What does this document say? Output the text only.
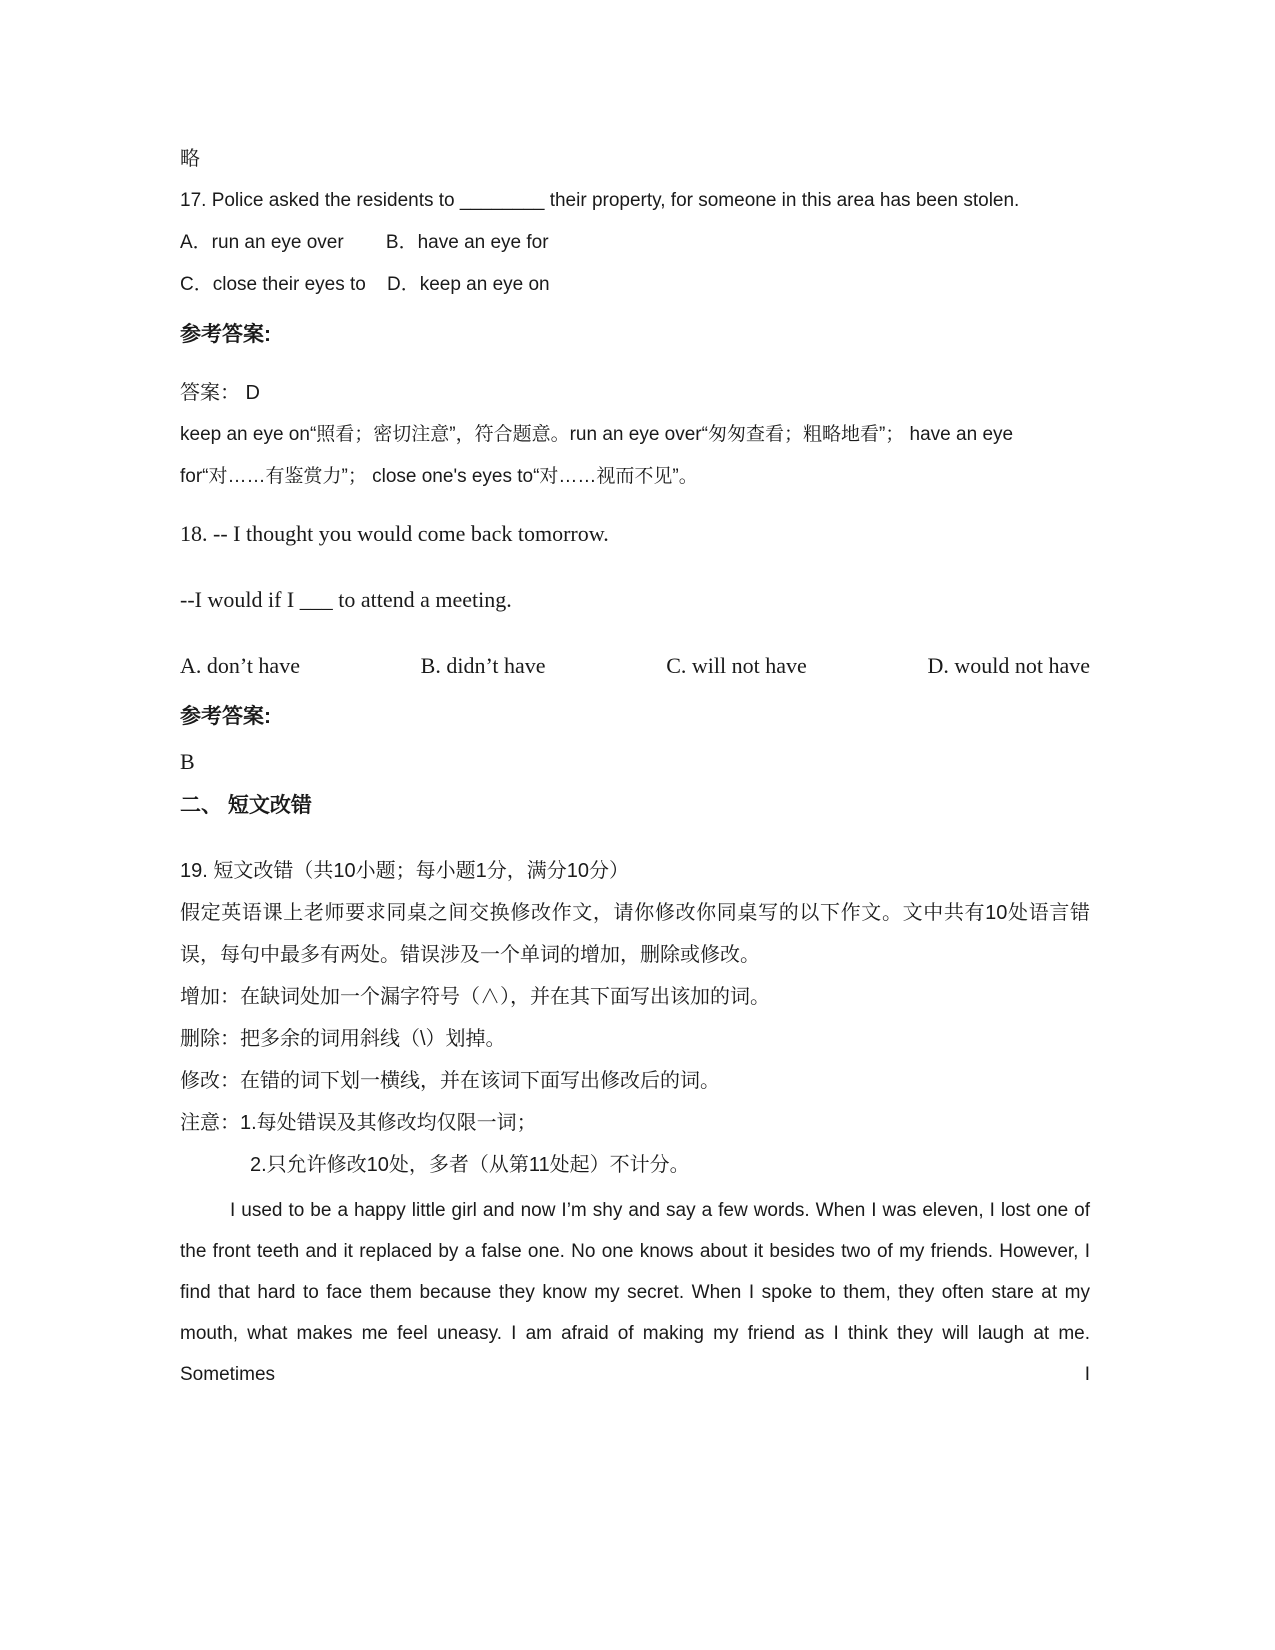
略

17. Police asked the residents to ________ their property, for someone in this area has been stolen.

A．run an eye over        B．have an eye for

C．close their eyes to    D．keep an eye on

参考答案:

答案： D

keep an eye on“照看；密切注意”，符合题意。run an eye over“匆匆查看；粗略地看”； have an eye for“对……有鉴赏力”； close one's eyes to“对……视而不见”。

18. -- I thought you would come back tomorrow.

--I would if I ___ to attend a meeting.

A. don’t have	B. didn’t have	C. will not have	D. would not have

参考答案:

B

二、 短文改错

19. 短文改错（共10小题；每小题1分，满分10分）

假定英语课上老师要求同桌之间交换修改作文，请你修改你同桌写的以下作文。文中共有10处语言错误，每句中最多有两处。错误涉及一个单词的增加，删除或修改。

增加：在缺词处加一个漏字符号（∧），并在其下面写出该加的词。

删除：把多余的词用斜线（\）划掉。

修改：在错的词下划一横线，并在该词下面写出修改后的词。

注意：1.每处错误及其修改均仅限一词；

2.只允许修改10处，多者（从第11处起）不计分。

I used to be a happy little girl and now I’m shy and say a few words. When I was eleven, I lost one of the front teeth and it replaced by a false one. No one knows about it besides two of my friends. However, I find that hard to face them because they know my secret. When I spoke to them, they often stare at my mouth, what makes me feel uneasy. I am afraid of making my friend as I think they will laugh at me. Sometimes I
